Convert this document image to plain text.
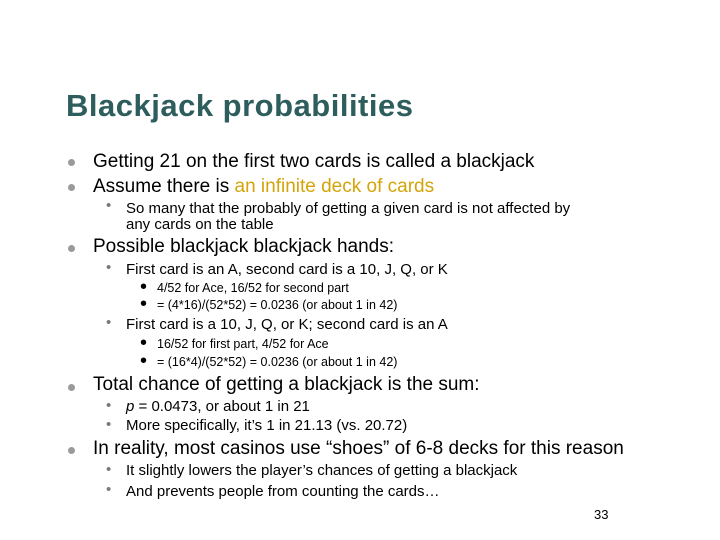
Blackjack probabilities
Getting 21 on the first two cards is called a blackjack
Assume there is an infinite deck of cards
• So many that the probably of getting a given card is not affected by
any cards on the table
Possible blackjack blackjack hands:
• First card is an A, second card is a 10, J, Q, or K
• 4/52 for Ace, 16/52 for second part
• = (4*16)/(52*52) = 0.0236 (or about 1 in 42)
• First card is a 10, J, Q, or K; second card is an A
• 16/52 for first part, 4/52 for Ace
• = (16*4)/(52*52) = 0.0236 (or about 1 in 42)
Total chance of getting a blackjack is the sum:
• p = 0.0473, or about 1 in 21
• More specifically, it’s 1 in 21.13 (vs. 20.72)
In reality, most casinos use “shoes” of 6-8 decks for this reason
• It slightly lowers the player’s chances of getting a blackjack
• And prevents people from counting the cards…
33
